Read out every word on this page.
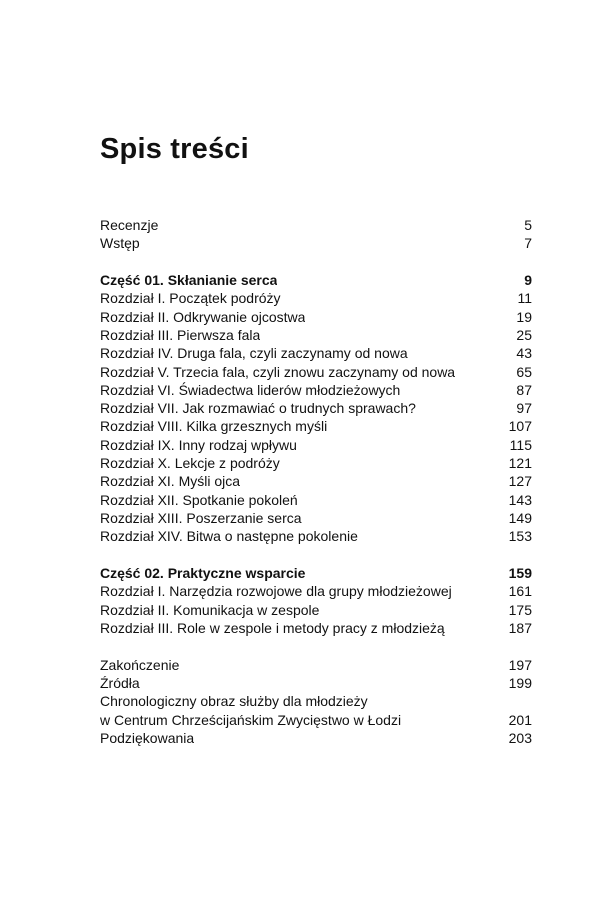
Spis treści
Recenzje	5
Wstęp	7
Część 01. Skłanianie serca	9
Rozdział I. Początek podróży	11
Rozdział II. Odkrywanie ojcostwa	19
Rozdział III. Pierwsza fala	25
Rozdział IV. Druga fala, czyli zaczynamy od nowa	43
Rozdział V. Trzecia fala, czyli znowu zaczynamy od nowa	65
Rozdział VI. Świadectwa liderów młodzieżowych	87
Rozdział VII. Jak rozmawiać o trudnych sprawach?	97
Rozdział VIII. Kilka grzesznych myśli	107
Rozdział IX. Inny rodzaj wpływu	115
Rozdział X. Lekcje z podróży	121
Rozdział XI. Myśli ojca	127
Rozdział XII. Spotkanie pokoleń	143
Rozdział XIII. Poszerzanie serca	149
Rozdział XIV. Bitwa o następne pokolenie	153
Część 02. Praktyczne wsparcie	159
Rozdział I. Narzędzia rozwojowe dla grupy młodzieżowej	161
Rozdział II. Komunikacja w zespole	175
Rozdział III. Role w zespole i metody pracy z młodzieżą	187
Zakończenie	197
Źródła	199
Chronologiczny obraz służby dla młodzieży
w Centrum Chrześcijańskim Zwycięstwo w Łodzi	201
Podziękowania	203
